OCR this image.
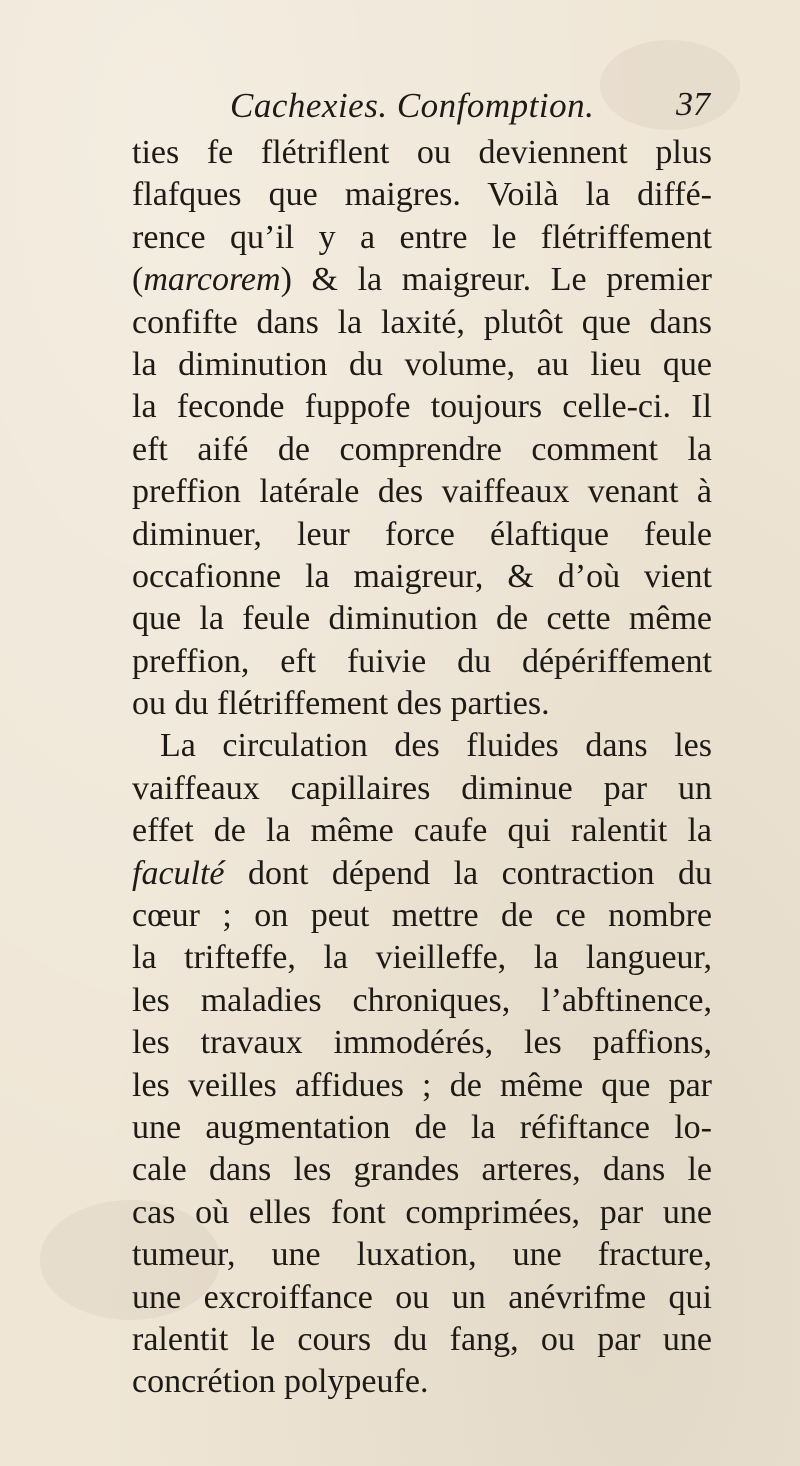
Cachexies. Confomption. 37
ties fe flétriflent ou deviennent plus
flafques que maigres. Voilà la diffé-
rence qu’il y a entre le flétriffement
(marcorem) & la maigreur. Le premier
confifte dans la laxité, plutôt que dans
la diminution du volume, au lieu que
la feconde fuppofe toujours celle-ci. Il
eft aifé de comprendre comment la
preffion latérale des vaiffeaux venant à
diminuer, leur force élaftique feule
occafionne la maigreur, & d’où vient
que la feule diminution de cette même
preffion, eft fuivie du dépériffement
ou du flétriffement des parties.
La circulation des fluides dans les
vaiffeaux capillaires diminue par un
effet de la même caufe qui ralentit la
faculté dont dépend la contraction du
cœur ; on peut mettre de ce nombre
la trifteffe, la vieilleffe, la langueur,
les maladies chroniques, l’abftinence,
les travaux immodérés, les paffions,
les veilles affidues ; de même que par
une augmentation de la réfiftance lo-
cale dans les grandes arteres, dans le
cas où elles font comprimées, par une
tumeur, une luxation, une fracture,
une excroiffance ou un anévrifme qui
ralentit le cours du fang, ou par une
concrétion polypeufe.
